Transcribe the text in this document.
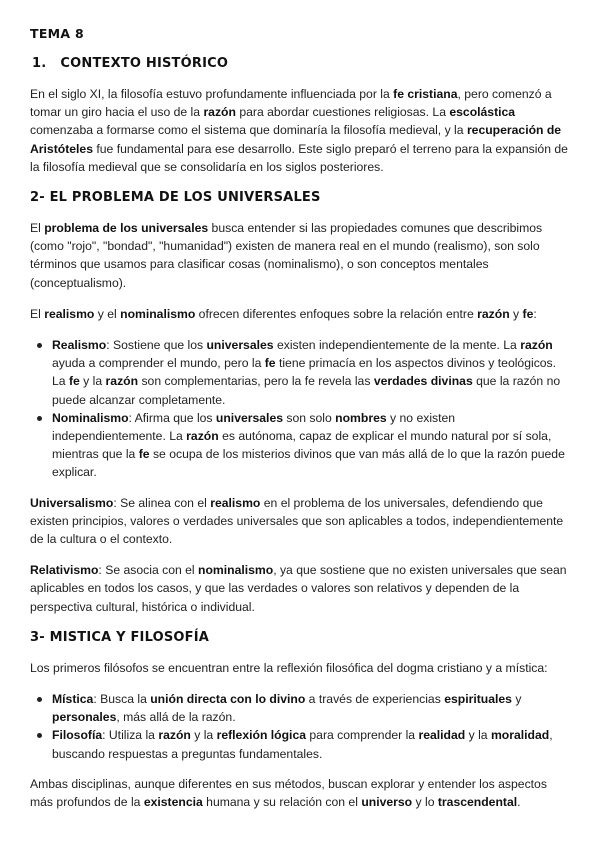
TEMA 8
1. CONTEXTO HISTÓRICO

En el siglo XI, la filosofía estuvo profundamente influenciada por la fe cristiana, pero comenzó a tomar un giro hacia el uso de la razón para abordar cuestiones religiosas. La escolástica comenzaba a formarse como el sistema que dominaría la filosofía medieval, y la recuperación de Aristóteles fue fundamental para ese desarrollo. Este siglo preparó el terreno para la expansión de la filosofía medieval que se consolidaría en los siglos posteriores.

2- EL PROBLEMA DE LOS UNIVERSALES

El problema de los universales busca entender si las propiedades comunes que describimos (como "rojo", "bondad", "humanidad") existen de manera real en el mundo (realismo), son solo términos que usamos para clasificar cosas (nominalismo), o son conceptos mentales (conceptualismo).

El realismo y el nominalismo ofrecen diferentes enfoques sobre la relación entre razón y fe:

Realismo: Sostiene que los universales existen independientemente de la mente. La razón ayuda a comprender el mundo, pero la fe tiene primacía en los aspectos divinos y teológicos. La fe y la razón son complementarias, pero la fe revela las verdades divinas que la razón no puede alcanzar completamente.
Nominalismo: Afirma que los universales son solo nombres y no existen independientemente. La razón es autónoma, capaz de explicar el mundo natural por sí sola, mientras que la fe se ocupa de los misterios divinos que van más allá de lo que la razón puede explicar.

Universalismo: Se alinea con el realismo en el problema de los universales, defendiendo que existen principios, valores o verdades universales que son aplicables a todos, independientemente de la cultura o el contexto.

Relativismo: Se asocia con el nominalismo, ya que sostiene que no existen universales que sean aplicables en todos los casos, y que las verdades o valores son relativos y dependen de la perspectiva cultural, histórica o individual.

3- MISTICA Y FILOSOFÍA

Los primeros filósofos se encuentran entre la reflexión filosófica del dogma cristiano y a mística:

Mística: Busca la unión directa con lo divino a través de experiencias espirituales y personales, más allá de la razón.
Filosofía: Utiliza la razón y la reflexión lógica para comprender la realidad y la moralidad, buscando respuestas a preguntas fundamentales.

Ambas disciplinas, aunque diferentes en sus métodos, buscan explorar y entender los aspectos más profundos de la existencia humana y su relación con el universo y lo trascendental.
